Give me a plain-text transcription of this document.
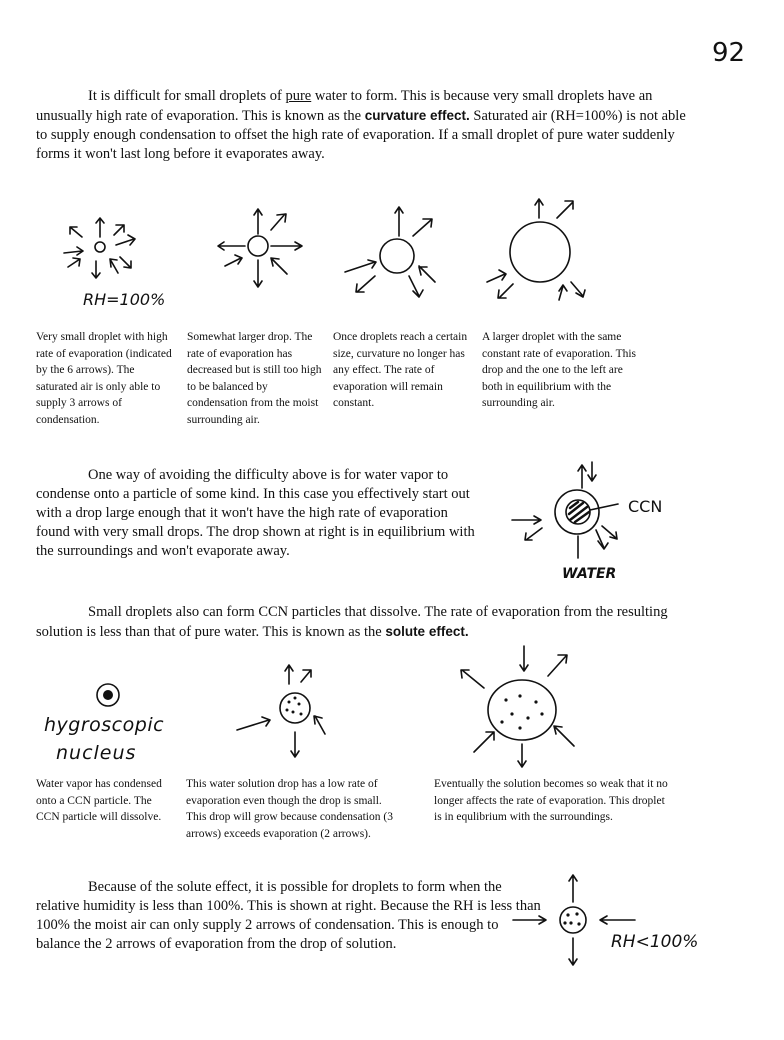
92

It is difficult for small droplets of pure water to form. This is because very small droplets have an unusually high rate of evaporation. This is known as the curvature effect. Saturated air (RH=100%) is not able to supply enough condensation to offset the high rate of evaporation. If a small droplet of pure water suddenly forms it won't last long before it evaporates away.

RH=100%

Very small droplet with high rate of evaporation (indicated by the 6 arrows). The saturated air is only able to supply 3 arrows of condensation.

Somewhat larger drop. The rate of evaporation has decreased but is still too high to be balanced by condensation from the moist surrounding air.

Once droplets reach a certain size, curvature no longer has any effect. The rate of evaporation will remain constant.

A larger droplet with the same constant rate of evaporation. This drop and the one to the left are both in equilibrium with the surrounding air.

One way of avoiding the difficulty above is for water vapor to condense onto a particle of some kind. In this case you effectively start out with a drop large enough that it won't have the high rate of evaporation found with very small drops. The drop shown at right is in equilibrium with the surroundings and won't evaporate away.

CCN
WATER

Small droplets also can form CCN particles that dissolve. The rate of evaporation from the resulting solution is less than that of pure water. This is known as the solute effect.

hygroscopic
nucleus

Water vapor has condensed onto a CCN particle. The CCN particle will dissolve.

This water solution drop has a low rate of evaporation even though the drop is small. This drop will grow because condensation (3 arrows) exceeds evaporation (2 arrows).

Eventually the solution becomes so weak that it no longer affects the rate of evaporation. This droplet is in equlibrium with the surroundings.

Because of the solute effect, it is possible for droplets to form when the relative humidity is less than 100%. This is shown at right. Because the RH is less than 100% the moist air can only supply 2 arrows of condensation. This is enough to balance the 2 arrows of evaporation from the drop of solution.	RH<100%
